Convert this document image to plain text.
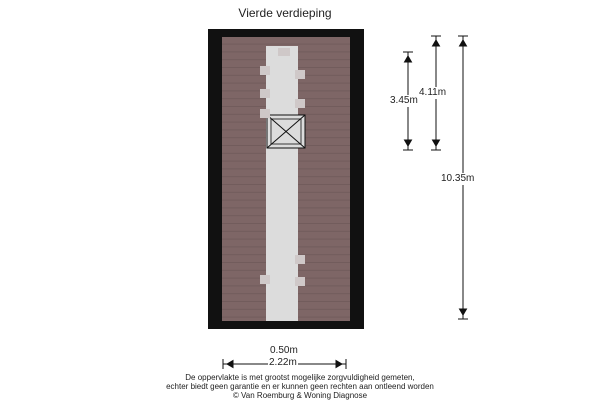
Vierde verdieping
3.45m
4.11m
10.35m
0.50m
2.22m
De oppervlakte is met grootst mogelijke zorgvuldigheid gemeten,
echter biedt geen garantie en er kunnen geen rechten aan ontleend worden
© Van Roemburg & Woning Diagnose
